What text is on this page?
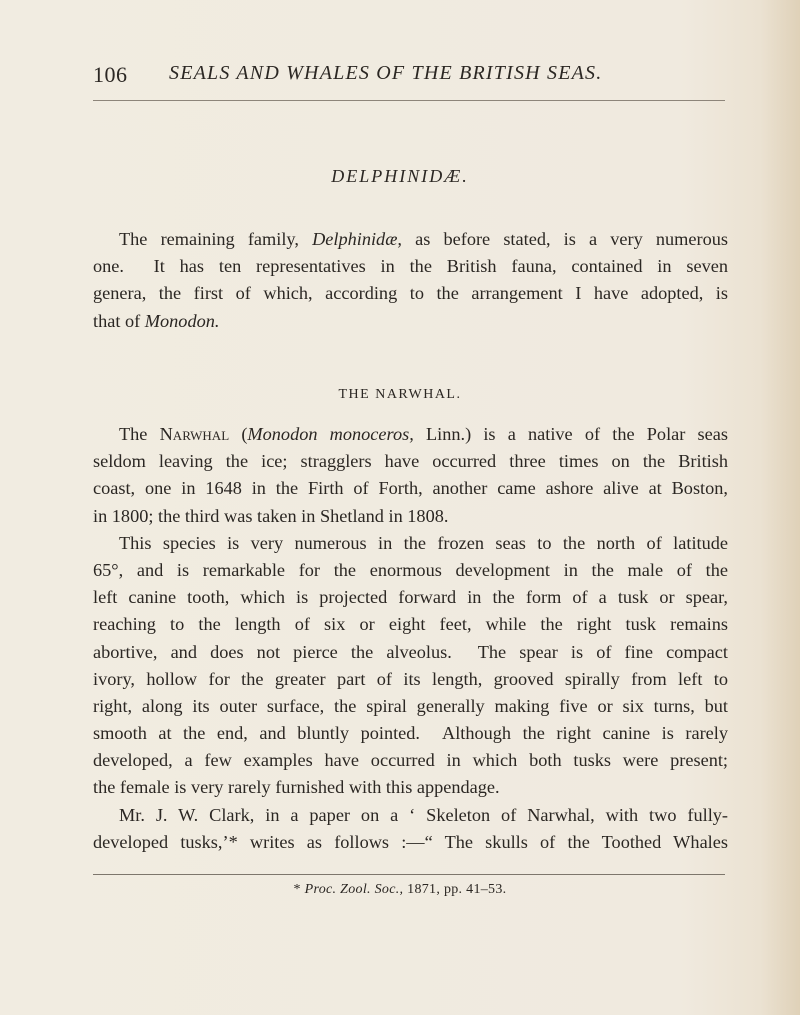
106 SEALS AND WHALES OF THE BRITISH SEAS.
DELPHINIDÆ.
The remaining family, Delphinidæ, as before stated, is a very numerous
one.  It has ten representatives in the British fauna, contained in seven
genera, the first of which, according to the arrangement I have adopted, is
that of Monodon.
THE NARWHAL.
The Narwhal ( Monodon monoceros, Linn.) is a native of the Polar seas
seldom leaving the ice; stragglers have occurred three times on the British
coast, one in 1648 in the Firth of Forth, another came ashore alive at Boston,
in 1800; the third was taken in Shetland in 1808.
This species is very numerous in the frozen seas to the north of latitude
65°, and is remarkable for the enormous development in the male of the
left canine tooth, which is projected forward in the form of a tusk or spear,
reaching to the length of six or eight feet, while the right tusk remains
abortive, and does not pierce the alveolus.  The spear is of fine compact
ivory, hollow for the greater part of its length, grooved spirally from left to
right, along its outer surface, the spiral generally making five or six turns, but
smooth at the end, and bluntly pointed.  Although the right canine is rarely
developed, a few examples have occurred in which both tusks were present;
the female is very rarely furnished with this appendage.
Mr. J. W. Clark, in a paper on a ‘ Skeleton of Narwhal, with two fully-
developed tusks,’* writes as follows :—“ The skulls of the Toothed Whales
* Proc. Zool. Soc., 1871, pp. 41–53.
